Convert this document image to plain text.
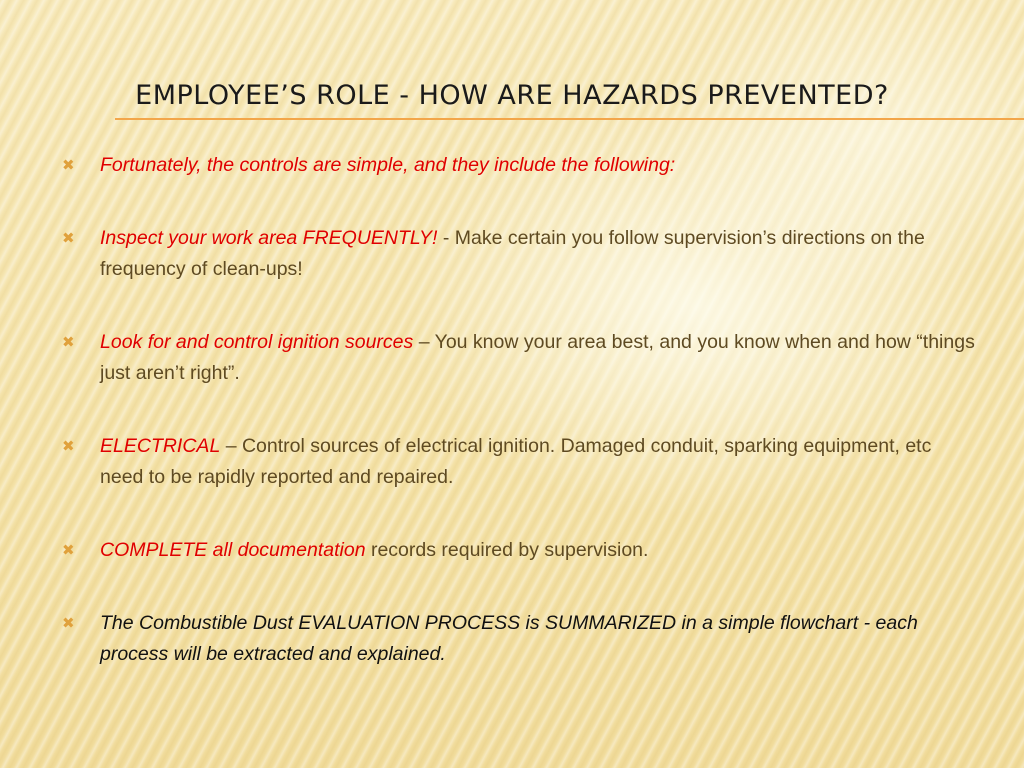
EMPLOYEE’S ROLE - HOW ARE HAZARDS PREVENTED?
✖ Fortunately, the controls are simple, and they include the following:
✖ Inspect your work area FREQUENTLY! - Make certain you follow supervision’s directions on the frequency of clean-ups!
✖ Look for and control ignition sources – You know your area best, and you know when and how “things just aren’t right”.
✖ ELECTRICAL – Control sources of electrical ignition. Damaged conduit, sparking equipment, etc need to be rapidly reported and repaired.
✖ COMPLETE all documentation records required by supervision.
✖ The Combustible Dust EVALUATION PROCESS is SUMMARIZED in a simple flowchart - each process will be extracted and explained.
